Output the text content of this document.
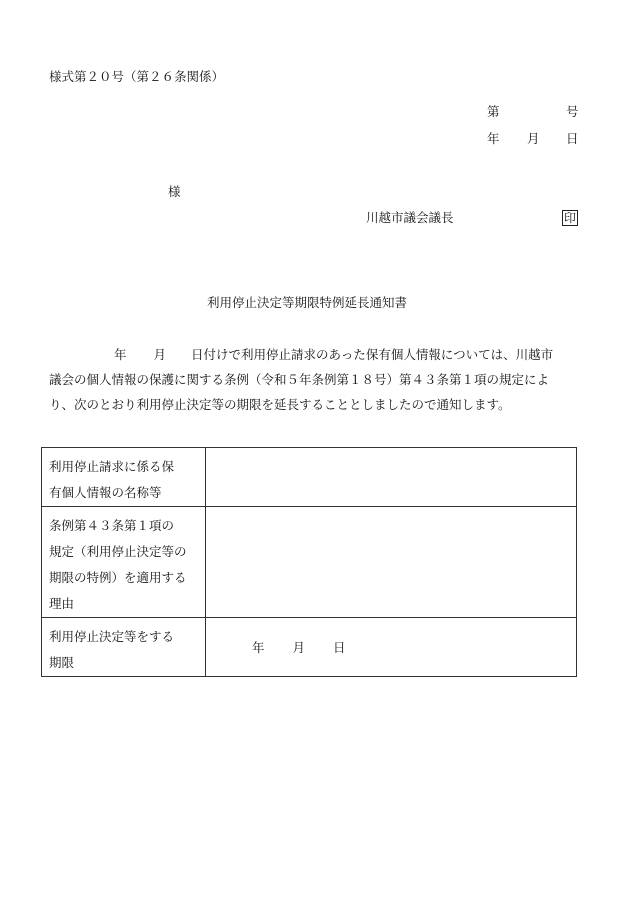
様式第２０号（第２６条関係）
第	号
年 月 日
様
川越市議会議長	印
利用停止決定等期限特例延長通知書

年 月 日付けで利用停止請求のあった保有個人情報については、川越市

議会の個人情報の保護に関する条例（令和５年条例第１８号）第４３条第１項の規定によ

り、次のとおり利用停止決定等の期限を延長することとしましたので通知します。

利用停止請求に係る保
有個人情報の名称等	

条例第４３条第１項の
規定（利用停止決定等の
期限の特例）を適用する
理由	

利用停止決定等をする
期限	年 月 日
